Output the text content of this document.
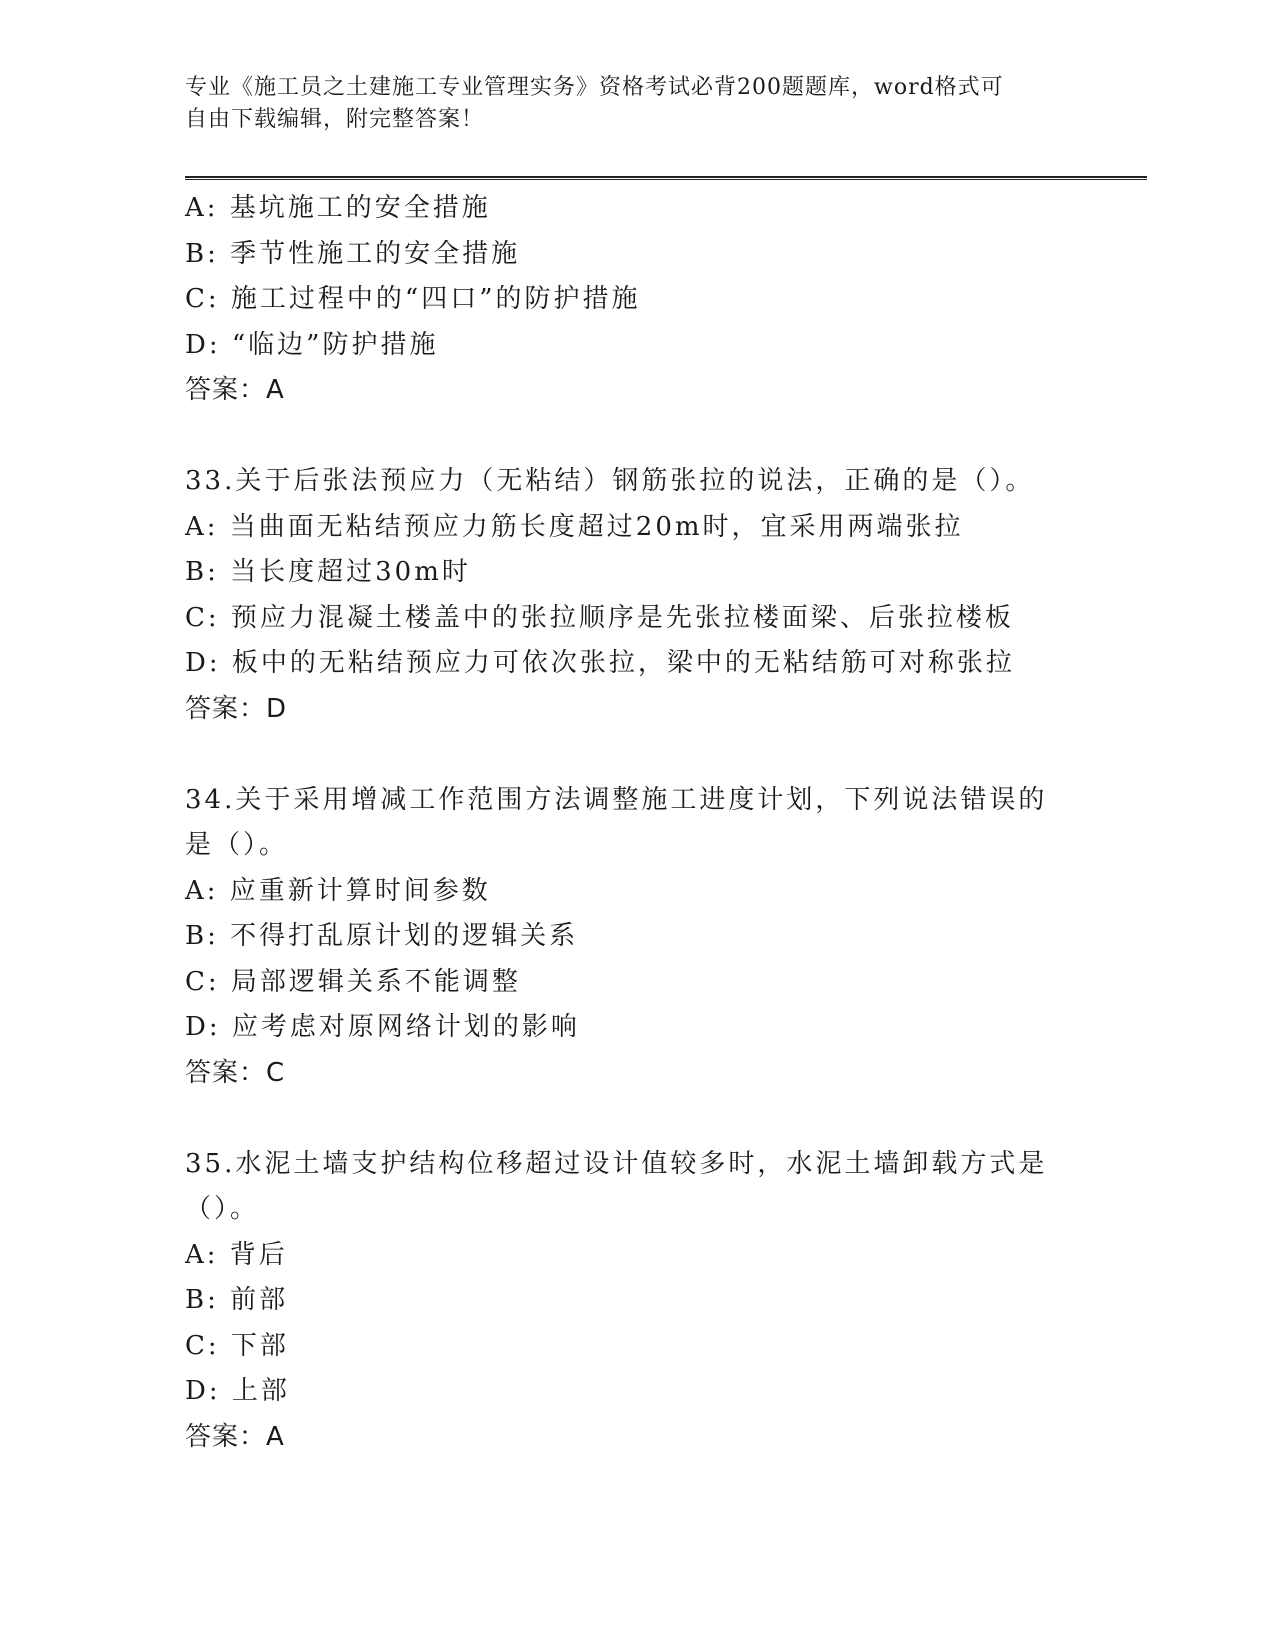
专业《施工员之土建施工专业管理实务》资格考试必背200题题库，word格式可
自由下载编辑，附完整答案！
A: 基坑施工的安全措施
B: 季节性施工的安全措施
C: 施工过程中的“四口”的防护措施
D: “临边”防护措施
答案：A
33.关于后张法预应力（无粘结）钢筋张拉的说法，正确的是（）。
A: 当曲面无粘结预应力筋长度超过20m时，宜采用两端张拉
B: 当长度超过30m时
C: 预应力混凝土楼盖中的张拉顺序是先张拉楼面梁、后张拉楼板
D: 板中的无粘结预应力可依次张拉，梁中的无粘结筋可对称张拉
答案：D
34.关于采用增减工作范围方法调整施工进度计划，下列说法错误的是（）。
A: 应重新计算时间参数
B: 不得打乱原计划的逻辑关系
C: 局部逻辑关系不能调整
D: 应考虑对原网络计划的影响
答案：C
35.水泥土墙支护结构位移超过设计值较多时，水泥土墙卸载方式是（）。
A: 背后
B: 前部
C: 下部
D: 上部
答案：A
